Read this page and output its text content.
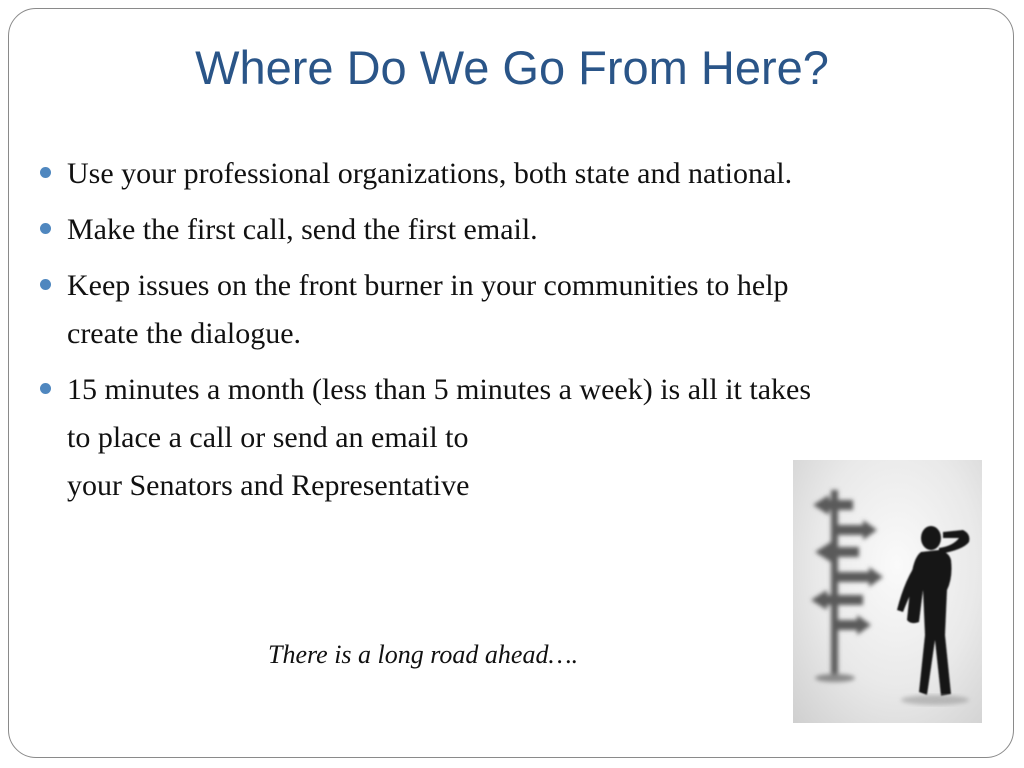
Where Do We Go From Here?
Use your professional organizations, both state and national.
Make the first call, send the first email.
Keep issues on the front burner in your communities to help
create the dialogue.
15 minutes a month (less than 5 minutes a week) is all it takes
to place a call or send an email to
your Senators and Representative
There is a long road ahead….
